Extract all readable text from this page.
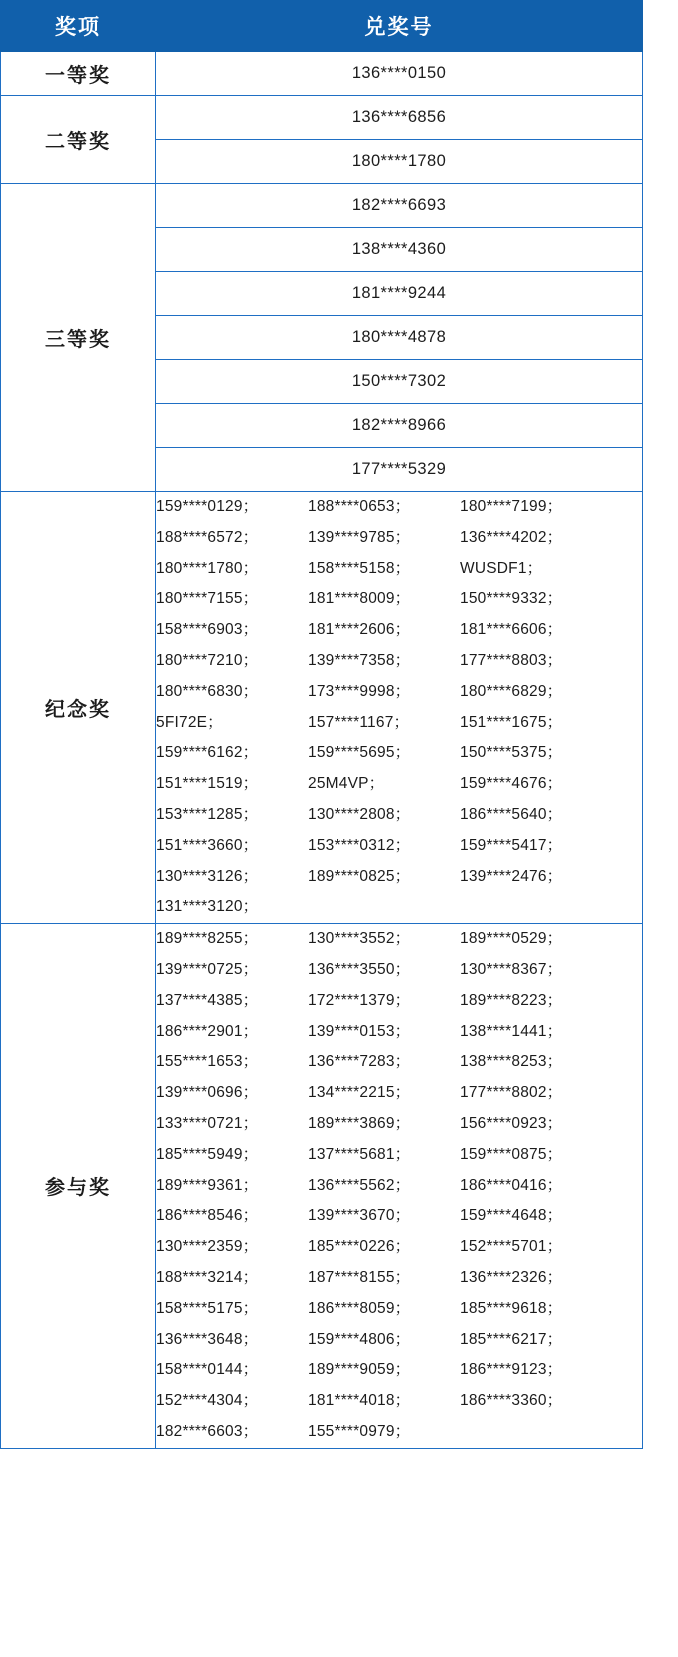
奖项	兑奖号
一等奖	136****0150
二等奖	136****6856
	180****1780
三等奖	182****6693
	138****4360
	181****9244
	180****4878
	150****7302
	182****8966
	177****5329
纪念奖	
159****0129；	188****0653；	180****7199；
188****6572；	139****9785；	136****4202；
180****1780；	158****5158；	WUSDF1；
180****7155；	181****8009；	150****9332；
158****6903；	181****2606；	181****6606；
180****7210；	139****7358；	177****8803；
180****6830；	173****9998；	180****6829；
5FI72E；	157****1167；	151****1675；
159****6162；	159****5695；	150****5375；
151****1519；	25M4VP；	159****4676；
153****1285；	130****2808；	186****5640；
151****3660；	153****0312；	159****5417；
130****3126；	189****0825；	139****2476；
131****3120；

参与奖	
189****8255；	130****3552；	189****0529；
139****0725；	136****3550；	130****8367；
137****4385；	172****1379；	189****8223；
186****2901；	139****0153；	138****1441；
155****1653；	136****7283；	138****8253；
139****0696；	134****2215；	177****8802；
133****0721；	189****3869；	156****0923；
185****5949；	137****5681；	159****0875；
189****9361；	136****5562；	186****0416；
186****8546；	139****3670；	159****4648；
130****2359；	185****0226；	152****5701；
188****3214；	187****8155；	136****2326；
158****5175；	186****8059；	185****9618；
136****3648；	159****4806；	185****6217；
158****0144；	189****9059；	186****9123；
152****4304；	181****4018；	186****3360；
182****6603；	155****0979；
